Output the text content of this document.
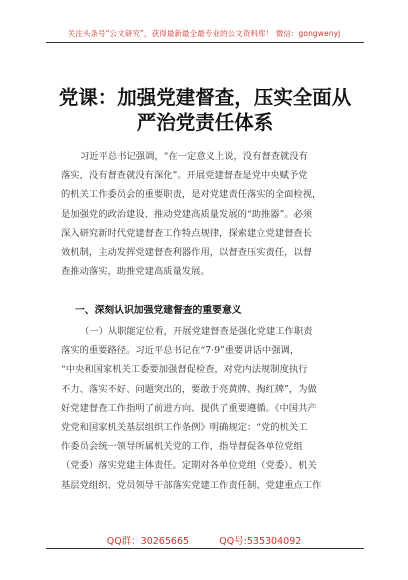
关注头条号“公文研究”，获得最新最全最专业的公文资料库！ 微信：gongwenyj
党课：加强党建督查，压实全面从
严治党责任体系
习近平总书记强调，“在一定意义上说，没有督查就没有
落实，没有督查就没有深化”。开展党建督查是党中央赋予党
的机关工作委员会的重要职责，是对党建责任落实的全面检视，
是加强党的政治建设、推动党建高质量发展的“助推器”。必须
深入研究新时代党建督查工作特点规律，探索建立党建督查长
效机制，主动发挥党建督查利器作用，以督查压实责任，以督
查推动落实，助推党建高质量发展。
一、深刻认识加强党建督查的重要意义
（一）从职能定位看，开展党建督查是强化党建工作职责
落实的重要路径。习近平总书记在“7·9”重要讲话中强调，
“中央和国家机关工委要加强督促检查，对党内法规制度执行
不力、落实不好、问题突出的，要敢于亮黄牌、掏红牌”，为做
好党建督查工作指明了前进方向、提供了重要遵循。《中国共产
党党和国家机关基层组织工作条例》明确规定：“党的机关工
作委员会统一领导所属机关党的工作，指导督促各单位党组
（党委）落实党建主体责任。定期对各单位党组（党委）、机关
基层党组织、党员领导干部落实党建工作责任制、党建重点工作
QQ群：30265665          QQ号:535304092
